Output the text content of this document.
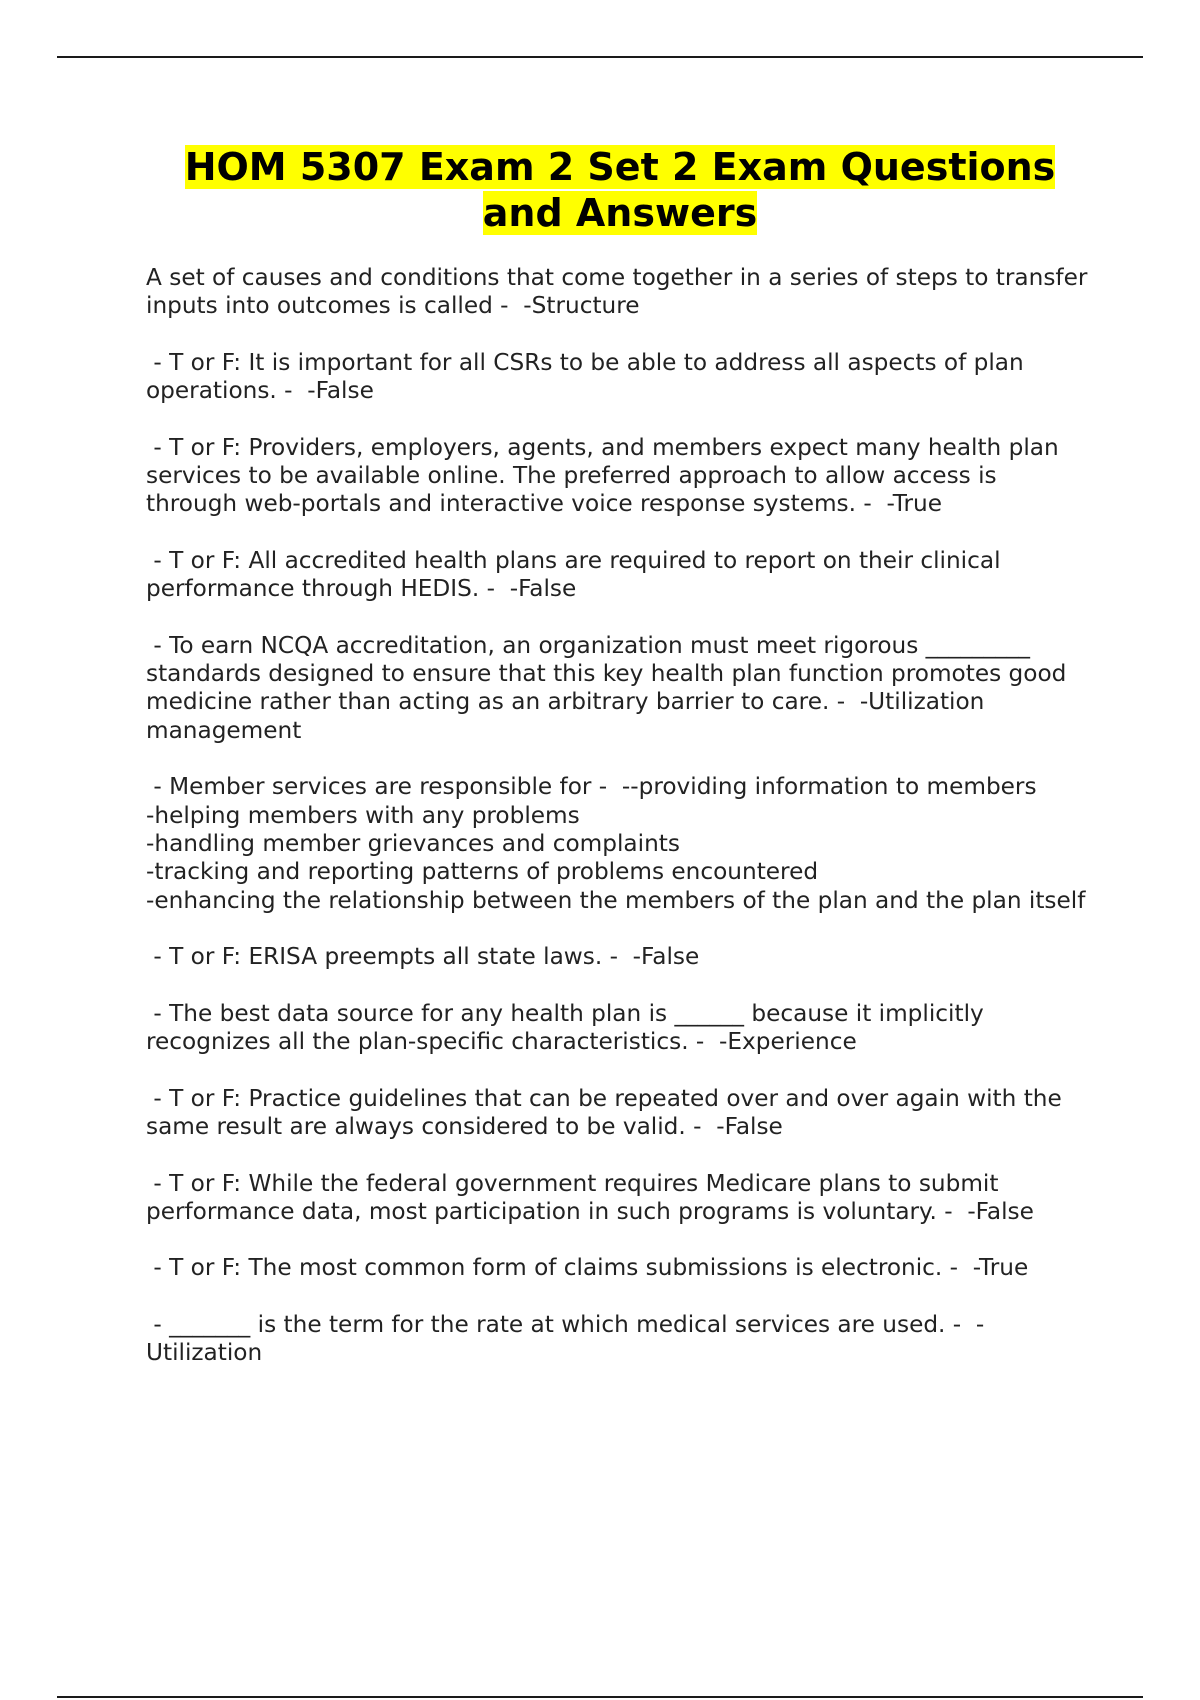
HOM 5307 Exam 2 Set 2 Exam Questions and Answers
A set of causes and conditions that come together in a series of steps to transfer inputs into outcomes is called -  -Structure
- T or F: It is important for all CSRs to be able to address all aspects of plan operations. -  -False
- T or F: Providers, employers, agents, and members expect many health plan services to be available online. The preferred approach to allow access is through web-portals and interactive voice response systems. -  -True
- T or F: All accredited health plans are required to report on their clinical performance through HEDIS. -  -False
- To earn NCQA accreditation, an organization must meet rigorous _________ standards designed to ensure that this key health plan function promotes good medicine rather than acting as an arbitrary barrier to care. -  -Utilization management
- Member services are responsible for -  --providing information to members
-helping members with any problems
-handling member grievances and complaints
-tracking and reporting patterns of problems encountered
-enhancing the relationship between the members of the plan and the plan itself
- T or F: ERISA preempts all state laws. -  -False
- The best data source for any health plan is ______ because it implicitly recognizes all the plan-specific characteristics. -  -Experience
- T or F: Practice guidelines that can be repeated over and over again with the same result are always considered to be valid. -  -False
- T or F: While the federal government requires Medicare plans to submit performance data, most participation in such programs is voluntary. -  -False
- T or F: The most common form of claims submissions is electronic. -  -True
- _______ is the term for the rate at which medical services are used. -  -Utilization
